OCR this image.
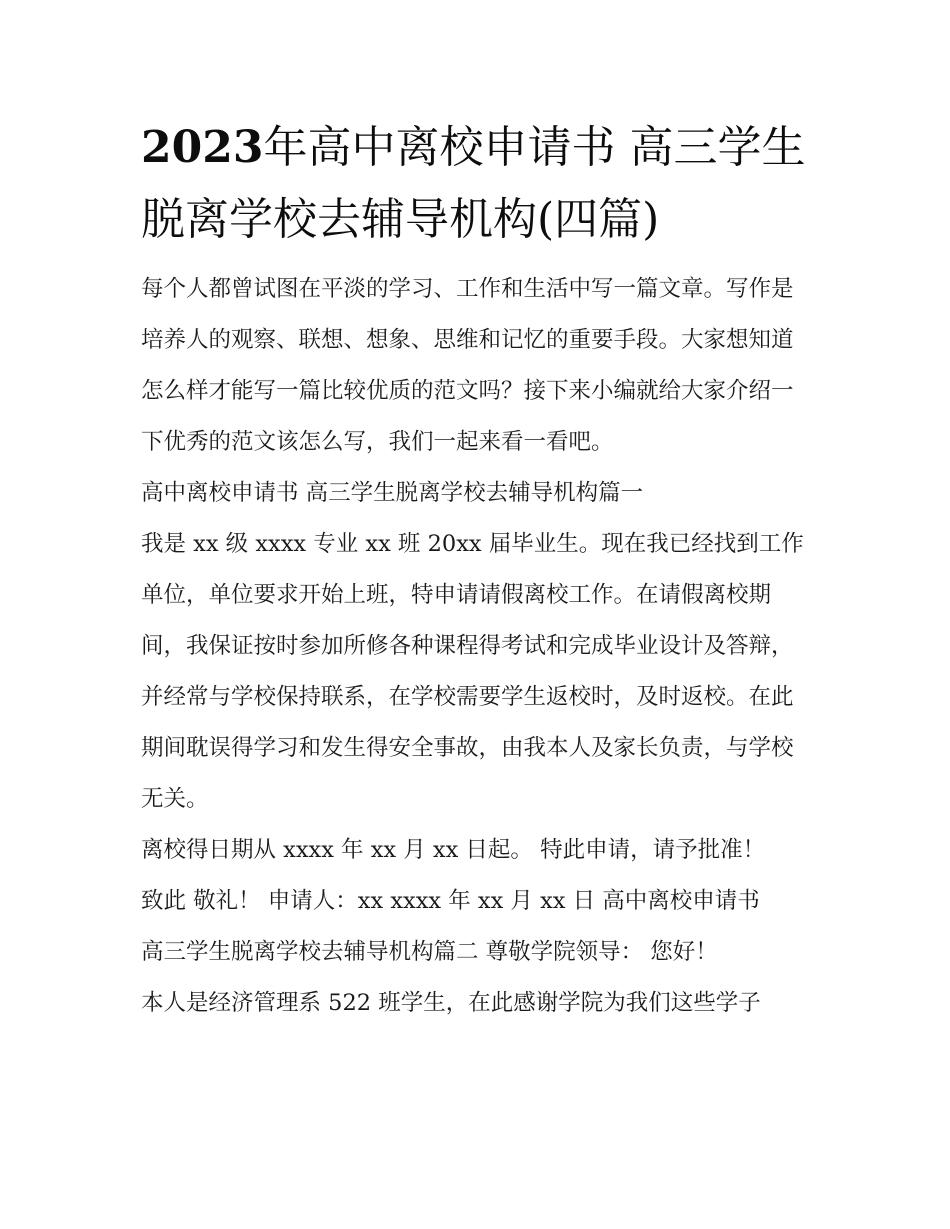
2023年高中离校申请书 高三学生脱离学校去辅导机构(四篇)

每个人都曾试图在平淡的学习、工作和生活中写一篇文章。写作是培养人的观察、联想、想象、思维和记忆的重要手段。大家想知道怎么样才能写一篇比较优质的范文吗？接下来小编就给大家介绍一下优秀的范文该怎么写，我们一起来看一看吧。

高中离校申请书 高三学生脱离学校去辅导机构篇一

我是 xx 级 xxxx 专业 xx 班 20xx 届毕业生。现在我已经找到工作单位，单位要求开始上班，特申请请假离校工作。在请假离校期间，我保证按时参加所修各种课程得考试和完成毕业设计及答辩，并经常与学校保持联系，在学校需要学生返校时，及时返校。在此期间耽误得学习和发生得安全事故，由我本人及家长负责，与学校无关。

离校得日期从 xxxx 年 xx 月 xx 日起。 特此申请，请予批准！

致此 敬礼！ 申请人：xx xxxx 年 xx 月 xx 日 高中离校申请书

高三学生脱离学校去辅导机构篇二 尊敬学院领导： 您好！

本人是经济管理系 522 班学生，在此感谢学院为我们这些学子
